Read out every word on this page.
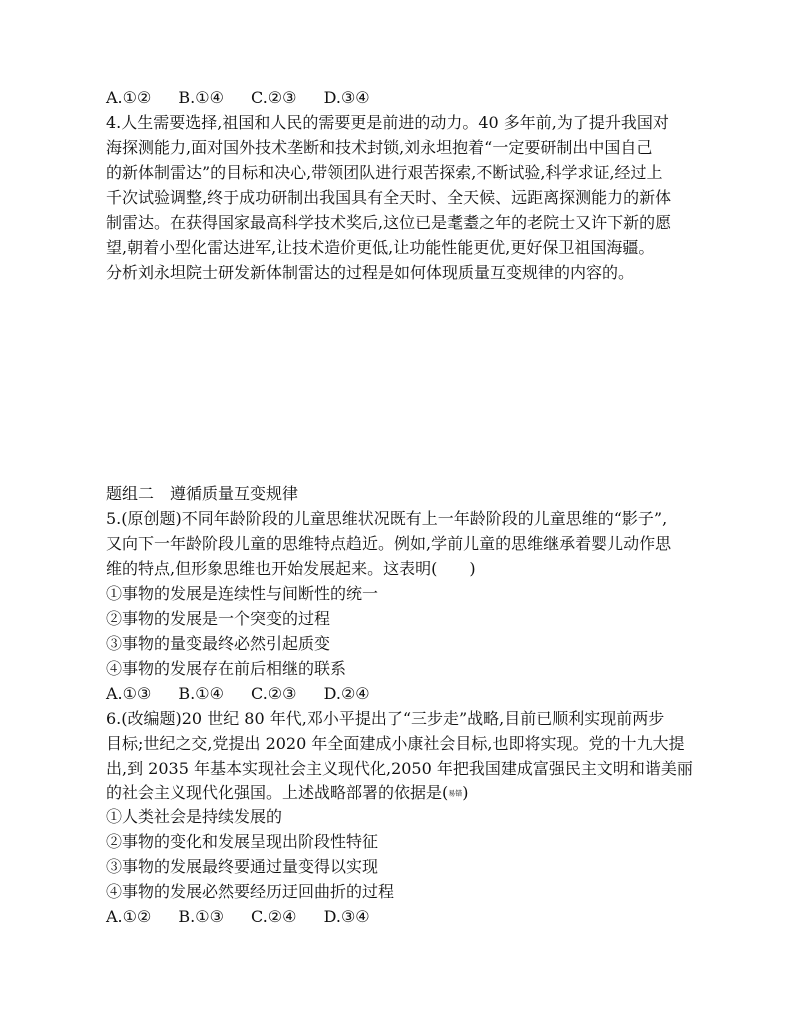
A.①② B.①④ C.②③ D.③④
4.人生需要选择,祖国和人民的需要更是前进的动力。40 多年前,为了提升我国对
海探测能力,面对国外技术垄断和技术封锁,刘永坦抱着“一定要研制出中国自己
的新体制雷达”的目标和决心,带领团队进行艰苦探索,不断试验,科学求证,经过上
千次试验调整,终于成功研制出我国具有全天时、全天候、远距离探测能力的新体
制雷达。在获得国家最高科学技术奖后,这位已是耄耋之年的老院士又许下新的愿
望,朝着小型化雷达进军,让技术造价更低,让功能性能更优,更好保卫祖国海疆。
分析刘永坦院士研发新体制雷达的过程是如何体现质量互变规律的内容的。
题组二　遵循质量互变规律
5.(原创题)不同年龄阶段的儿童思维状况既有上一年龄阶段的儿童思维的“影子”,
又向下一年龄阶段儿童的思维特点趋近。例如,学前儿童的思维继承着婴儿动作思
维的特点,但形象思维也开始发展起来。这表明(　　)
①事物的发展是连续性与间断性的统一
②事物的发展是一个突变的过程
③事物的量变最终必然引起质变
④事物的发展存在前后相继的联系
A.①③ B.①④ C.②③ D.②④
6.(改编题)20 世纪 80 年代,邓小平提出了“三步走”战略,目前已顺利实现前两步
目标;世纪之交,党提出 2020 年全面建成小康社会目标,也即将实现。党的十九大提
出,到 2035 年基本实现社会主义现代化,2050 年把我国建成富强民主文明和谐美丽
的社会主义现代化强国。上述战略部署的依据是(易错)
①人类社会是持续发展的
②事物的变化和发展呈现出阶段性特征
③事物的发展最终要通过量变得以实现
④事物的发展必然要经历迂回曲折的过程
A.①② B.①③ C.②④ D.③④
